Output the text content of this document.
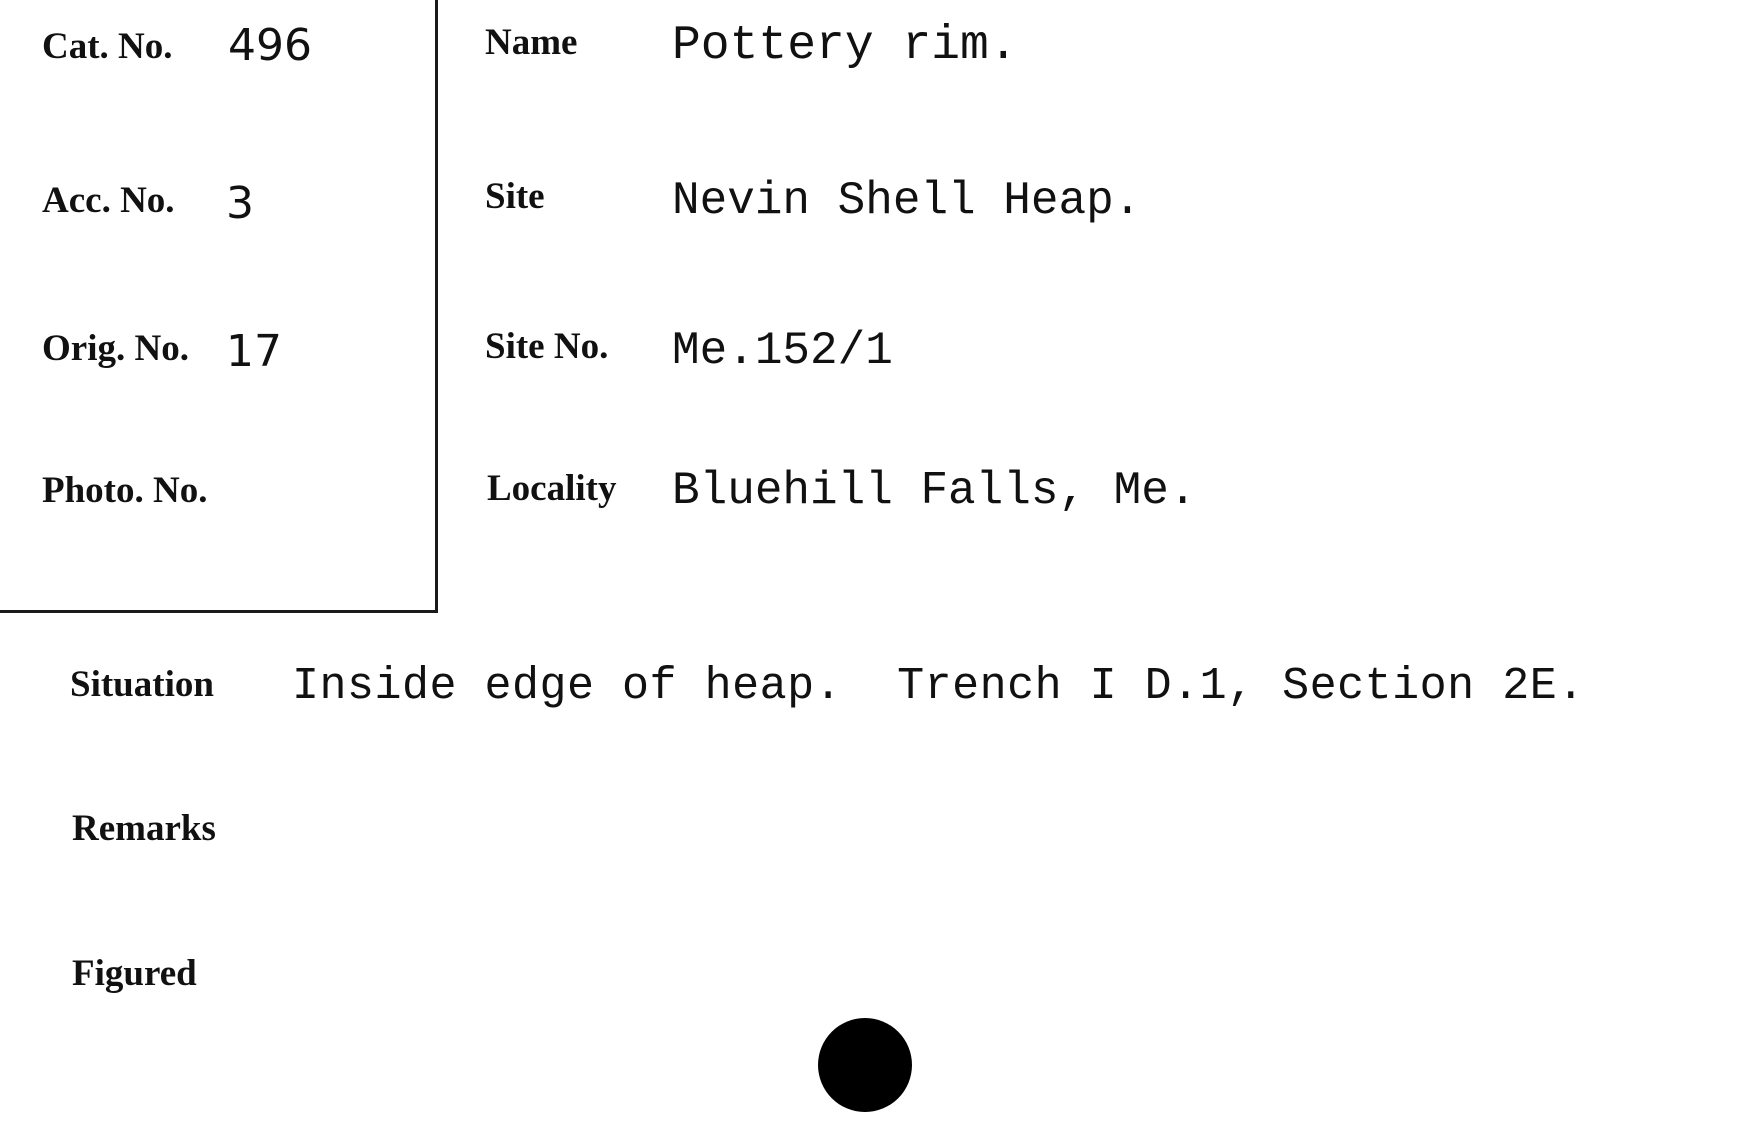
Cat. No. 496
Acc. No. 3
Orig. No. 17
Photo. No.
Name Pottery rim.
Site	Nevin Shell Heap.
Site No. Me.152/1
Locality Bluehill Falls, Me.
Situation Inside edge of heap.  Trench I D.1, Section 2E.
Remarks
Figured
